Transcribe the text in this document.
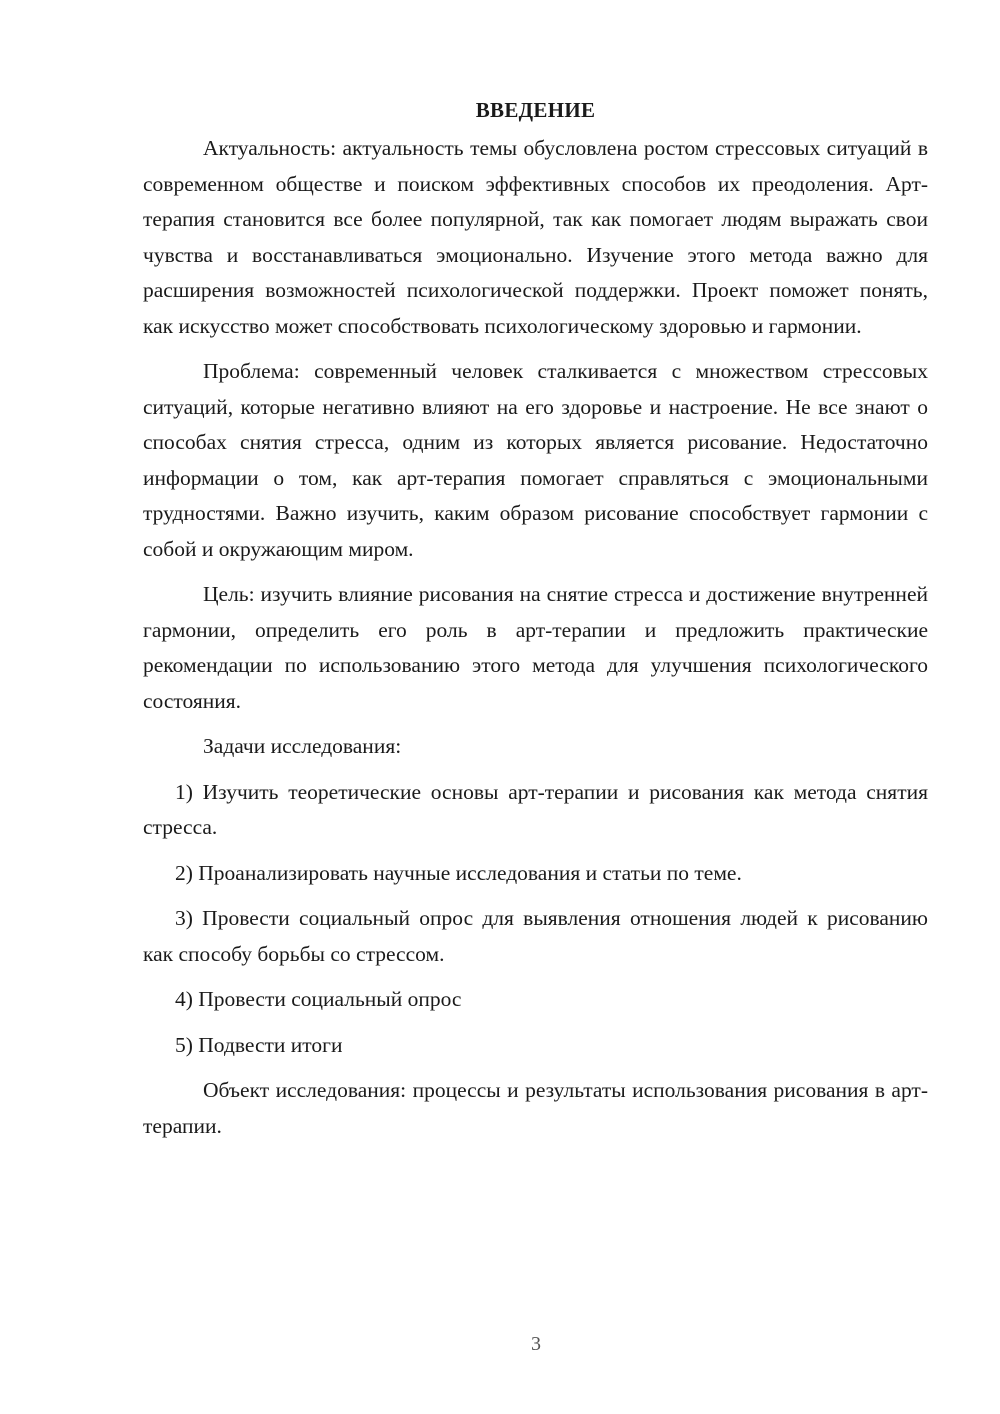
ВВЕДЕНИЕ

Актуальность: актуальность темы обусловлена ростом стрессовых ситуаций в современном обществе и поиском эффективных способов их преодоления. Арт-терапия становится все более популярной, так как помогает людям выражать свои чувства и восстанавливаться эмоционально. Изучение этого метода важно для расширения возможностей психологической поддержки. Проект поможет понять, как искусство может способствовать психологическому здоровью и гармонии.

Проблема: современный человек сталкивается с множеством стрессовых ситуаций, которые негативно влияют на его здоровье и настроение. Не все знают о способах снятия стресса, одним из которых является рисование. Недостаточно информации о том, как арт-терапия помогает справляться с эмоциональными трудностями. Важно изучить, каким образом рисование способствует гармонии с собой и окружающим миром.

Цель: изучить влияние рисования на снятие стресса и достижение внутренней гармонии, определить его роль в арт-терапии и предложить практические рекомендации по использованию этого метода для улучшения психологического состояния.

Задачи исследования:

1) Изучить теоретические основы арт-терапии и рисования как метода снятия стресса.

2) Проанализировать научные исследования и статьи по теме.

3) Провести социальный опрос для выявления отношения людей к рисованию как способу борьбы со стрессом.

4) Провести социальный опрос

5) Подвести итоги

Объект исследования: процессы и результаты использования рисования в арт-терапии.

3
